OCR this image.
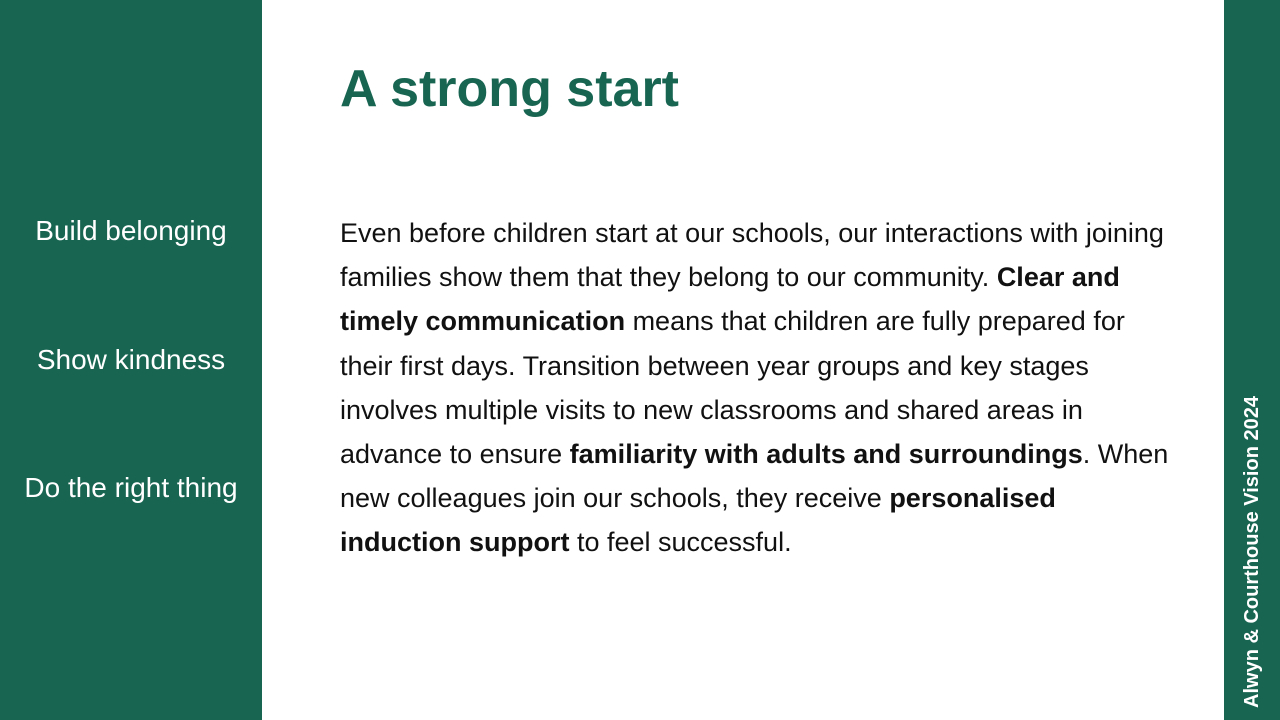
Build belonging
Show kindness
Do the right thing
A strong start

Even before children start at our schools, our interactions with joining families show them that they belong to our community. Clear and timely communication means that children are fully prepared for their first days. Transition between year groups and key stages involves multiple visits to new classrooms and shared areas in advance to ensure familiarity with adults and surroundings. When new colleagues join our schools, they receive personalised induction support to feel successful.	Alwyn & Courthouse Vision 2024
